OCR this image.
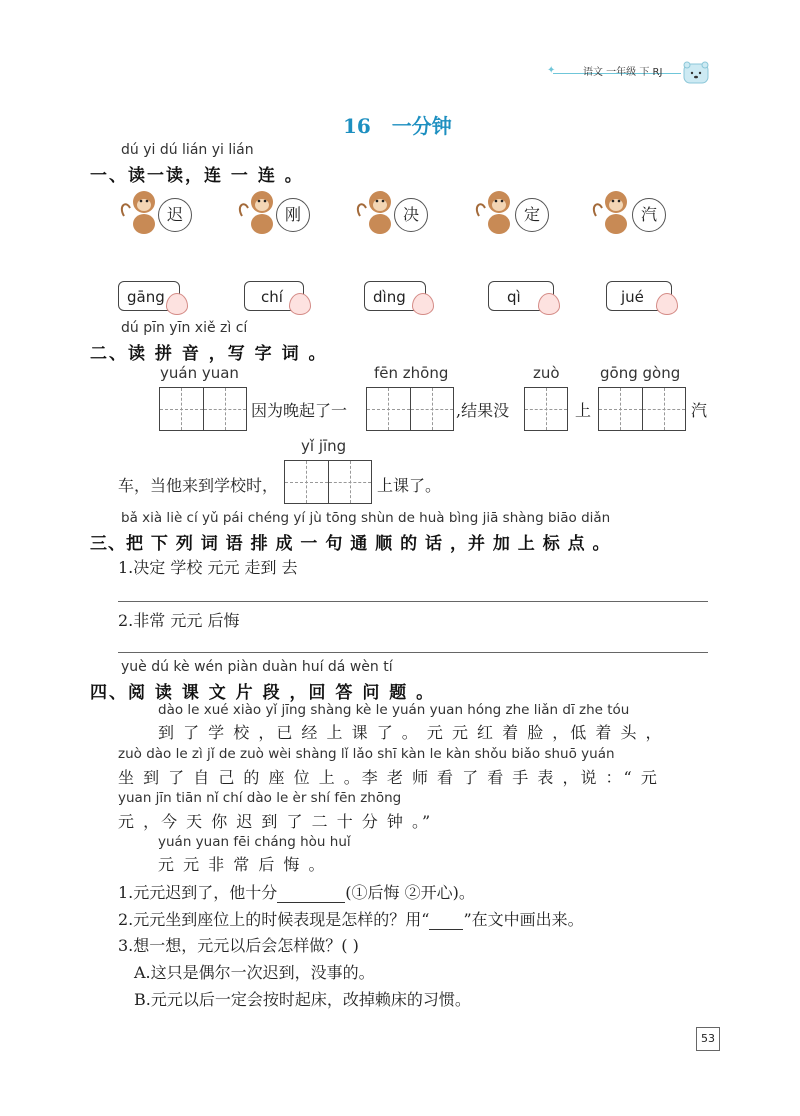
✦	语文 一年级 下 RJ
16 一分钟
dú yi dú lián yi lián
一、读一读，连 一 连 。
迟	刚	决	定	汽
gāng	chí	dìng	qì	jué
dú pīn yīn xiě zì cí
二、读 拼 音 ，写 字 词 。
yuán yuan
因为晚起了一
fēn zhōng
,结果没
zuò
上
gōng gòng
汽
车，当他来到学校时，
yǐ jīng
上课了。
bǎ xià liè cí yǔ pái chéng yí jù tōng shùn de huà bìng jiā shàng biāo diǎn
三、把 下 列 词 语 排 成 一 句 通 顺 的 话 ，并 加 上 标 点 。
1.决定 学校 元元 走到 去
2.非常 元元 后悔
yuè dú kè wén piàn duàn huí dá wèn tí
四、阅 读 课 文 片 段 ，回 答 问 题 。
dào le xué xiào yǐ jīng shàng kè le yuán yuan hóng zhe liǎn dī zhe tóu
到 了 学 校 ，已 经 上 课 了 。 元 元 红 着 脸 ，低 着 头 ，
zuò dào le zì jǐ de zuò wèi shàng lǐ lǎo shī kàn le kàn shǒu biǎo shuō yuán
坐 到 了 自 己 的 座 位 上 。李 老 师 看 了 看 手 表 ，说 ：“ 元
yuan jīn tiān nǐ chí dào le èr shí fēn zhōng
元 ，今 天 你 迟 到 了 二 十 分 钟 。”
yuán yuan fēi cháng hòu huǐ
元 元 非 常 后 悔 。
1.元元迟到了，他十分	(①后悔 ②开心)。
2.元元坐到座位上的时候表现是怎样的？用“ ”在文中画出来。
3.想一想，元元以后会怎样做？( )
A.这只是偶尔一次迟到，没事的。
B.元元以后一定会按时起床，改掉赖床的习惯。
53
